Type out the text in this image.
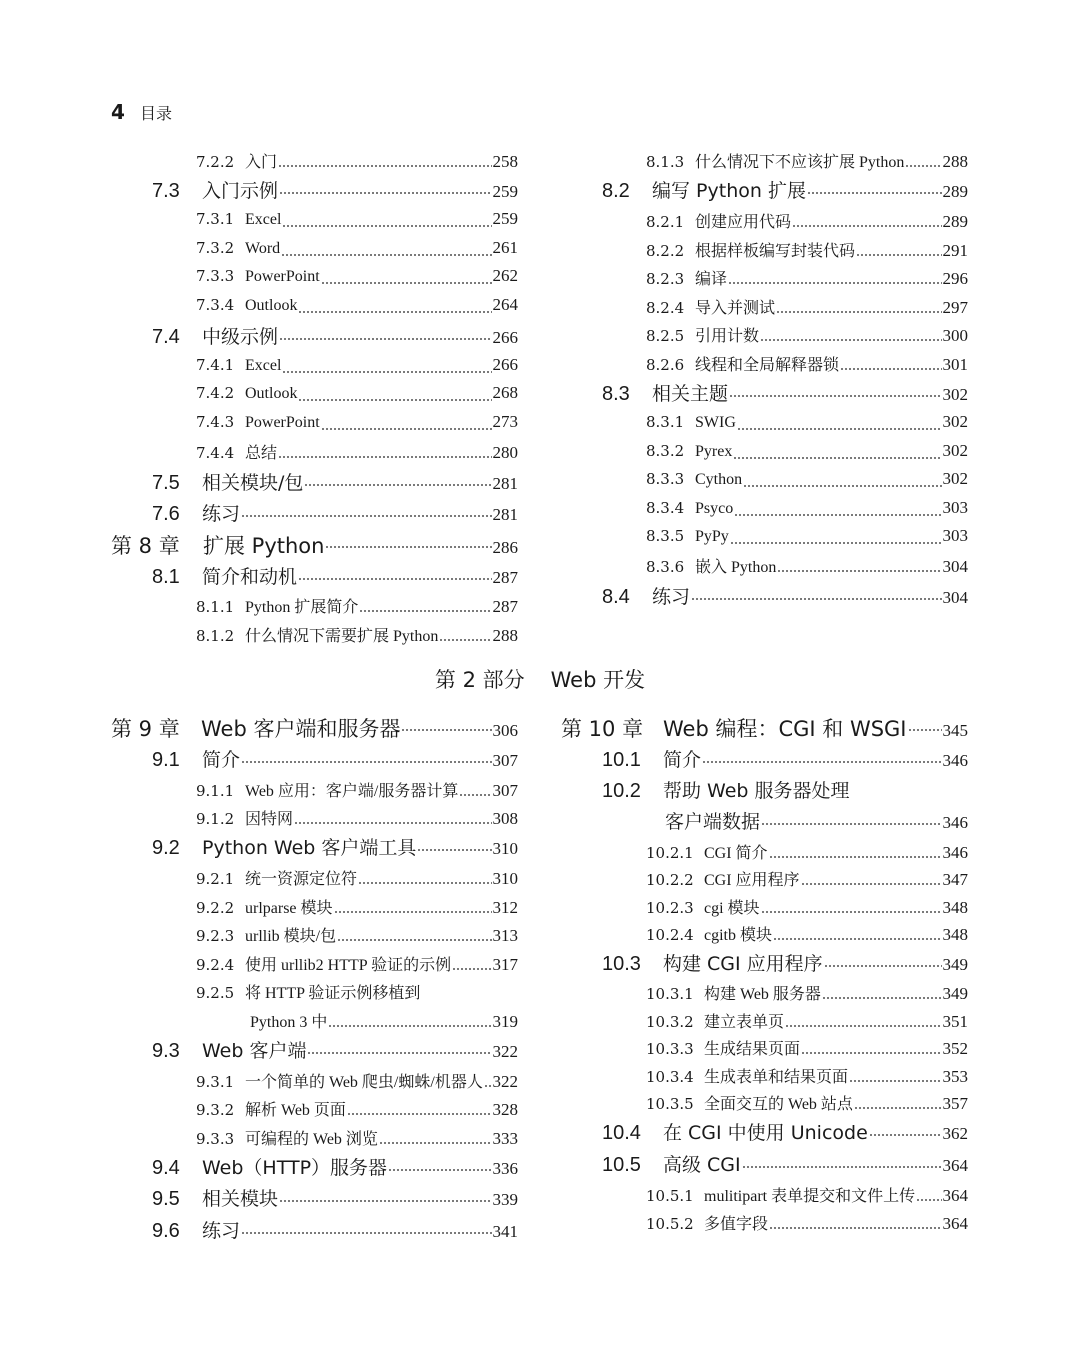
4 目录
第 2 部分 Web 开发
7.2.2 入门	258
7.3	入门示例	259
7.3.1 Excel	259
7.3.2 Word	261
7.3.3 PowerPoint	262
7.3.4 Outlook	264
7.4	中级示例	266
7.4.1 Excel	266
7.4.2 Outlook	268
7.4.3 PowerPoint	273
7.4.4 总结	280
7.5	相关模块/包	281
7.6	练习	281
第 8 章	扩展 Python	286
8.1	简介和动机	287
8.1.1 Python 扩展简介	287
8.1.2 什么情况下需要扩展 Python	288
8.1.3 什么情况下不应该扩展 Python 288
8.2	编写 Python 扩展	289
8.2.1 创建应用代码	289
8.2.2 根据样板编写封装代码	291
8.2.3 编译	296
8.2.4 导入并测试	297
8.2.5 引用计数	300
8.2.6 线程和全局解释器锁	301
8.3	相关主题	302
8.3.1 SWIG	302
8.3.2 Pyrex	302
8.3.3 Cython	302
8.3.4 Psyco	303
8.3.5 PyPy	303
8.3.6 嵌入 Python	304
8.4	练习	304
第 9 章	Web 客户端和服务器	306
9.1	简介	307
9.1.1 Web 应用：客户端/服务器计算 307
9.1.2 因特网	308
9.2	Python Web 客户端工具	310
9.2.1 统一资源定位符	310
9.2.2 urlparse 模块	312
9.2.3 urllib 模块/包	313
9.2.4 使用 urllib2 HTTP 验证的示例 317
9.2.5 将 HTTP 验证示例移植到
Python 3 中	319
9.3	Web 客户端	322
9.3.1 一个简单的 Web 爬虫/蜘蛛/机器人 322
9.3.2 解析 Web 页面	328
9.3.3 可编程的 Web 浏览	333
9.4	Web（HTTP）服务器	336
9.5	相关模块	339
9.6	练习	341
第 10 章 Web 编程：CGI 和 WSGI 345
10.1	简介	346
10.2	帮助 Web 服务器处理
客户端数据	346
10.2.1 CGI 简介	346
10.2.2 CGI 应用程序	347
10.2.3 cgi 模块	348
10.2.4 cgitb 模块	348
10.3	构建 CGI 应用程序	349
10.3.1 构建 Web 服务器	349
10.3.2 建立表单页	351
10.3.3 生成结果页面	352
10.3.4 生成表单和结果页面	353
10.3.5 全面交互的 Web 站点	357
10.4	在 CGI 中使用 Unicode	362
10.5	高级 CGI	364
10.5.1 mulitipart 表单提交和文件上传 364
10.5.2 多值字段	364
